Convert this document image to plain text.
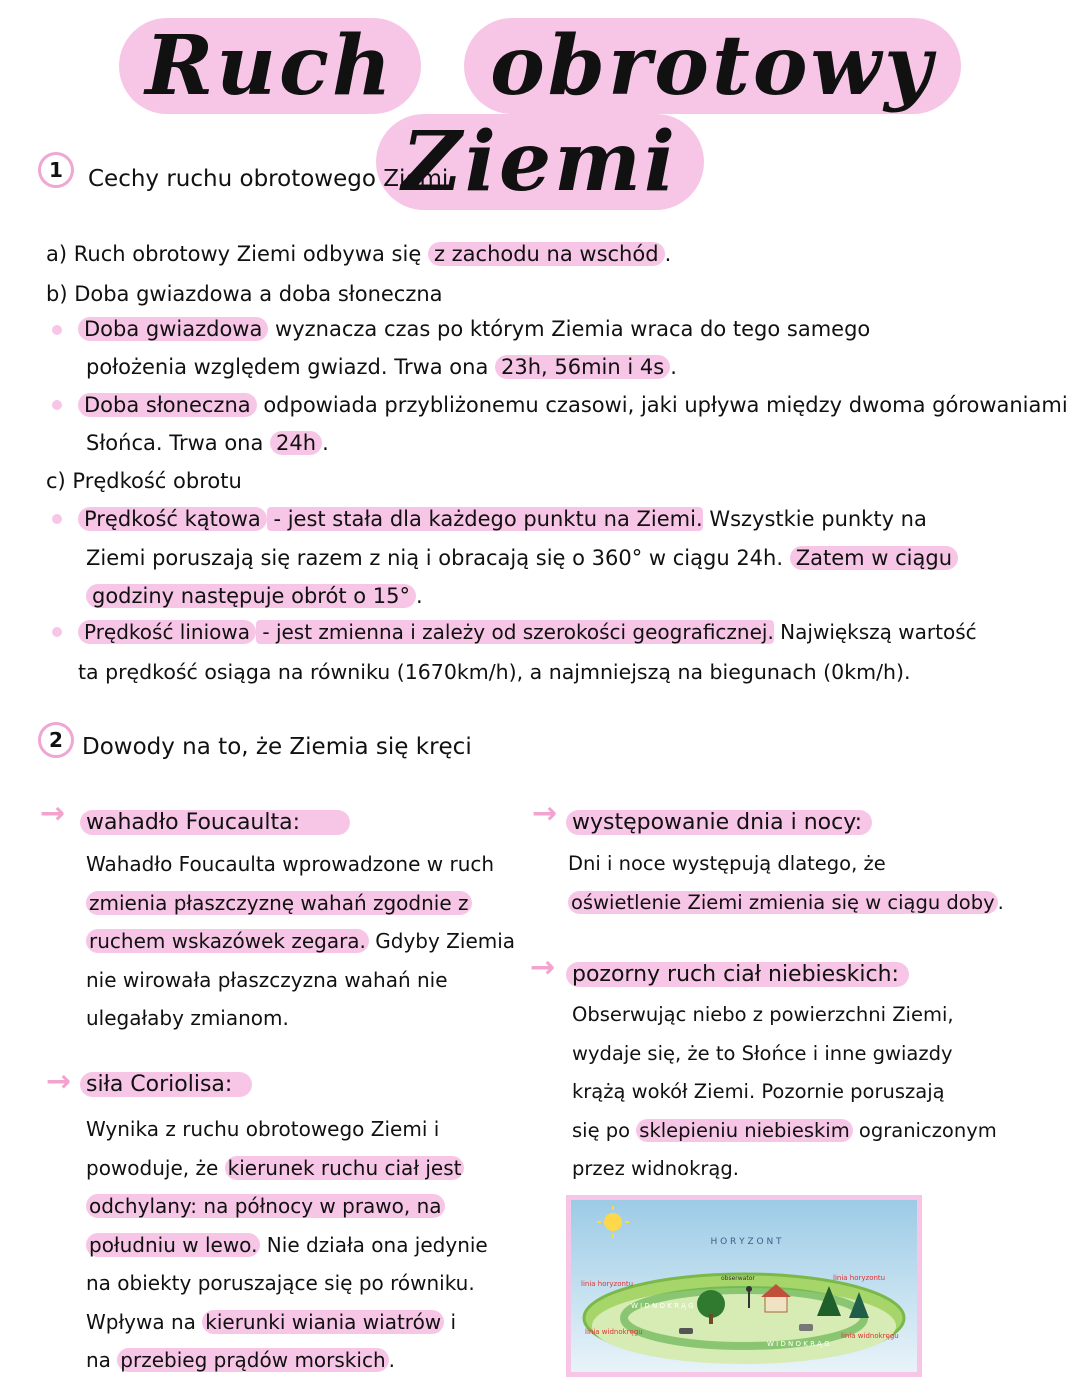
Ruch obrotowy Ziemi
1	Cechy ruchu obrotowego Ziemi
a) Ruch obrotowy Ziemi odbywa się z zachodu na wschód .
b) Doba gwiazdowa a doba słoneczna
Doba gwiazdowa wyznacza czas po którym Ziemia wraca do tego samego
położenia względem gwiazd. Trwa ona 23h, 56min i 4s .
Doba słoneczna odpowiada przybliżonemu czasowi, jaki upływa między dwoma górowaniami
Słońca. Trwa ona 24h .
c) Prędkość obrotu
Prędkość kątowa - jest stała dla każdego punktu na Ziemi. Wszystkie punkty na
Ziemi poruszają się razem z nią i obracają się o 360° w ciągu 24h. Zatem w ciągu
godziny następuje obrót o 15° .
Prędkość liniowa - jest zmienna i zależy od szerokości geograficznej. Największą wartość
ta prędkość osiąga na równiku (1670km/h), a najmniejszą na biegunach (0km/h).
2 Dowody na to, że Ziemia się kręci
→ wahadło Foucaulta:
Wahadło Foucaulta wprowadzone w ruch
zmienia płaszczyznę wahań zgodnie z
ruchem wskazówek zegara. Gdyby Ziemia
nie wirowała płaszczyzna wahań nie
ulegałaby zmianom.
→ siła Coriolisa:
Wynika z ruchu obrotowego Ziemi i
powoduje, że kierunek ruchu ciał jest
odchylany: na północy w prawo, na
południu w lewo. Nie działa ona jedynie
na obiekty poruszające się po równiku.
Wpływa na kierunki wiania wiatrów i
na przebieg prądów morskich .
→ występowanie dnia i nocy:
Dni i noce występują dlatego, że
oświetlenie Ziemi zmienia się w ciągu doby .
→ pozorny ruch ciał niebieskich:
Obserwując niebo z powierzchni Ziemi,
wydaje się, że to Słońce i inne gwiazdy
krążą wokół Ziemi. Pozornie poruszają
się po sklepieniu niebieskim ograniczonym
przez widnokrąg.
H O R Y Z O N T
linia horyzontu
linia horyzontu
W I D N O K R Ą G
W I D N O K R Ą G
obserwator
linia widnokręgu	linia widnokręgu
